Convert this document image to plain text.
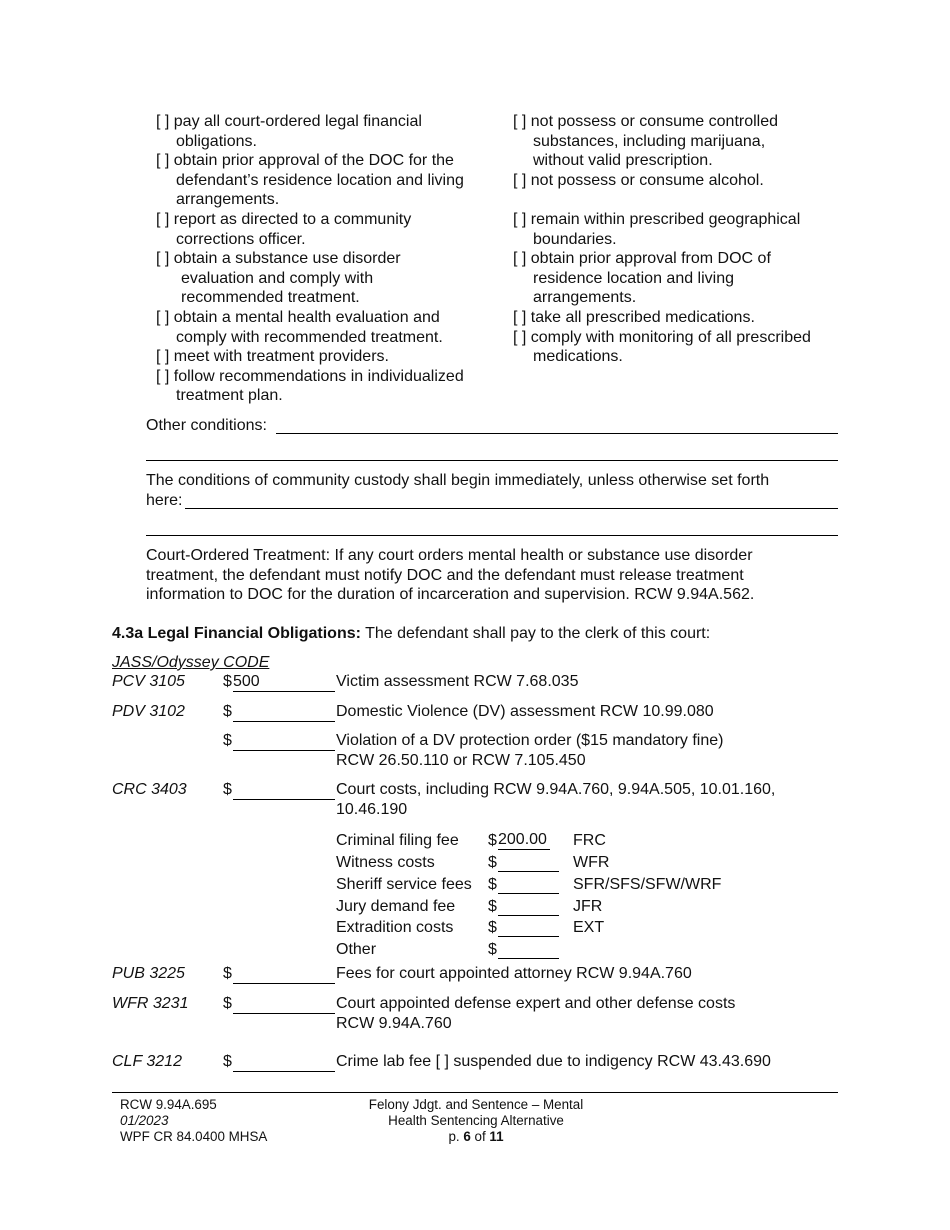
[ ] pay all court-ordered legal financial
obligations.
[ ] obtain prior approval of the DOC for the
defendant’s residence location and living
arrangements.
[ ] report as directed to a community
corrections officer.
[ ] obtain a substance use disorder
evaluation and comply with
recommended treatment.
[ ] obtain a mental health evaluation and
comply with recommended treatment.
[ ] meet with treatment providers.
[ ] follow recommendations in individualized
treatment plan.
[ ] not possess or consume controlled
substances, including marijuana,
without valid prescription.
[ ] not possess or consume alcohol.
[ ] remain within prescribed geographical
boundaries.
[ ] obtain prior approval from DOC of
residence location and living
arrangements.
[ ] take all prescribed medications.
[ ] comply with monitoring of all prescribed
medications.
Other conditions:
The conditions of community custody shall begin immediately, unless otherwise set forth
here:
Court-Ordered Treatment: If any court orders mental health or substance use disorder
treatment, the defendant must notify DOC and the defendant must release treatment
information to DOC for the duration of incarceration and supervision. RCW 9.94A.562.
4.3a Legal Financial Obligations: The defendant shall pay to the clerk of this court:
JASS/Odyssey CODE
PCV 3105 $ 500	Victim assessment RCW 7.68.035
PDV 3102 $	Domestic Violence (DV) assessment RCW 10.99.080
$	Violation of a DV protection order ($15 mandatory fine)
RCW 26.50.110 or RCW 7.105.450
CRC 3403 $	Court costs, including RCW 9.94A.760, 9.94A.505, 10.01.160,
10.46.190
Criminal filing fee $ 200.00 FRC
Witness costs	$	WFR
Sheriff service fees $	SFR/SFS/SFW/WRF
Jury demand fee $	JFR
Extradition costs $	EXT
Other	$
PUB 3225 $	Fees for court appointed attorney RCW 9.94A.760
WFR 3231 $	Court appointed defense expert and other defense costs
RCW 9.94A.760
CLF 3212	$	Crime lab fee [ ] suspended due to indigency RCW 43.43.690
RCW 9.94A.695
01/2023
WPF CR 84.0400 MHSA
Felony Jdgt. and Sentence – Mental
Health Sentencing Alternative
p. 6 of 11
